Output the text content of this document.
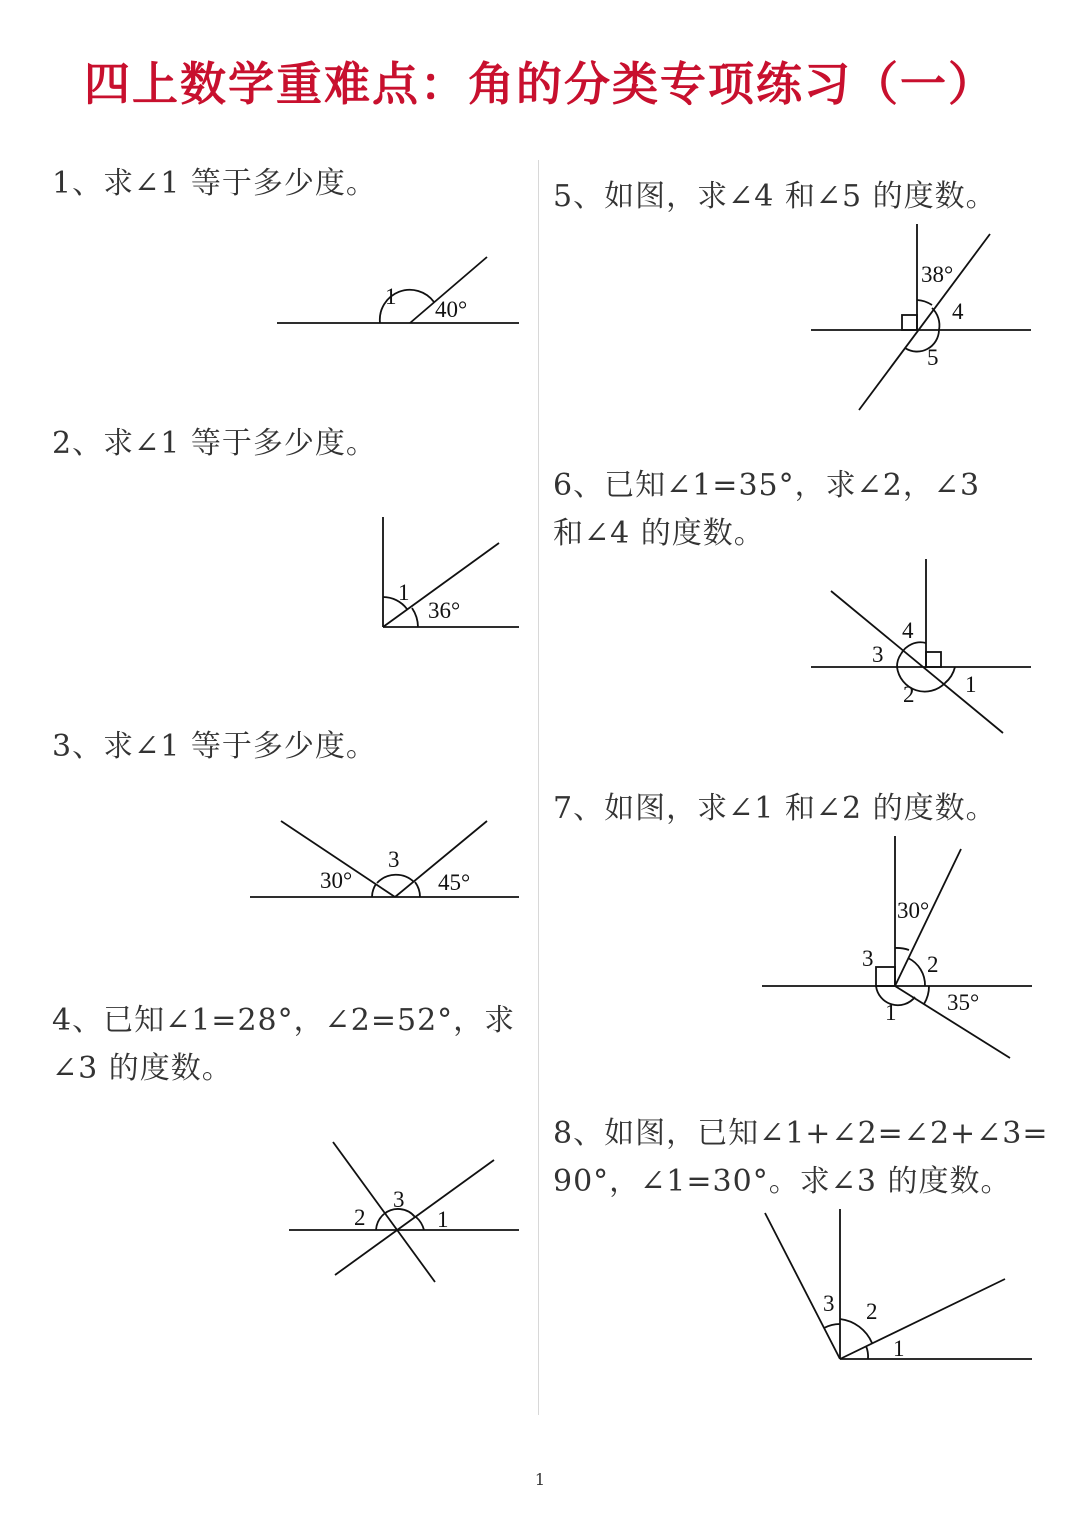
四上数学重难点：角的分类专项练习（一）
1、求∠1 等于多少度。
1
40°
2、求∠1 等于多少度。
1
36°
3、求∠1 等于多少度。
3
30°	45°
4、已知∠1=28°，∠2=52°，求
∠3 的度数。
2
3
1
5、如图，求∠4 和∠5 的度数。
38°
4
5
6、已知∠1=35°，求∠2，∠3
和∠4 的度数。
4
3
2 1
7、如图，求∠1 和∠2 的度数。
30°
3 2
35°
1
8、如图，已知∠1+∠2=∠2+∠3=
90°，∠1=30°。求∠3 的度数。
3 2
1
1
